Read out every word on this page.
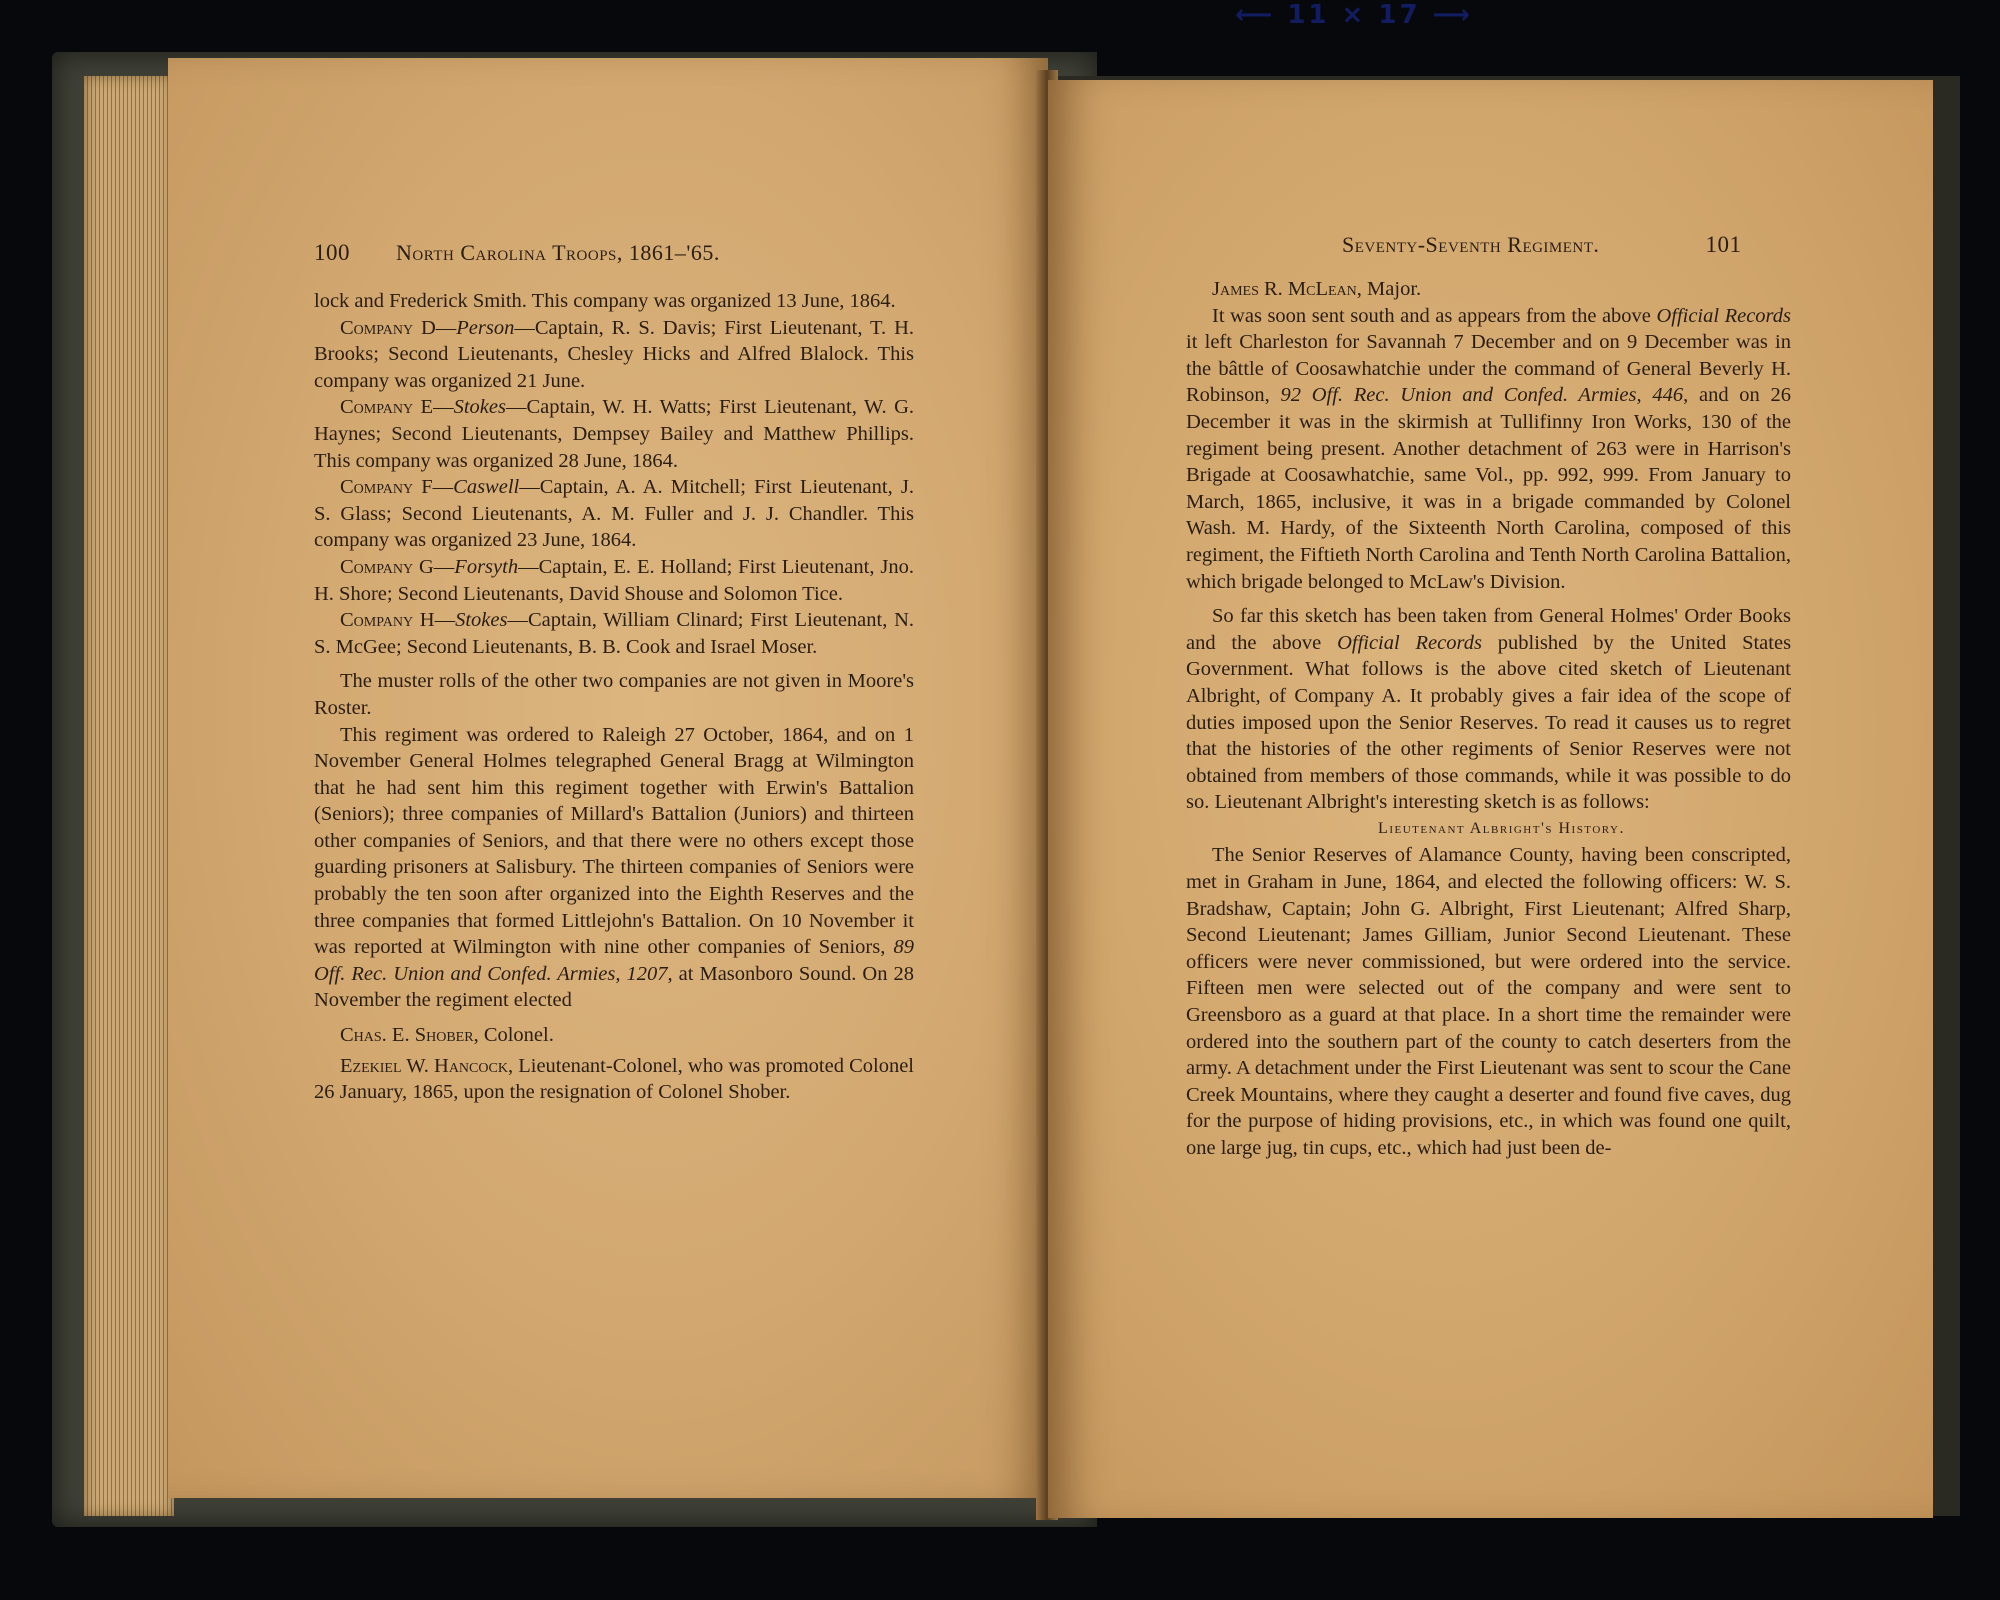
⟵ 11 × 17 ⟶
100 North Carolina Troops, 1861–'65.

lock and Frederick Smith. This company was organized 13 June, 1864.

Company D—Person—Captain, R. S. Davis; First Lieutenant, T. H. Brooks; Second Lieutenants, Chesley Hicks and Alfred Blalock. This company was organized 21 June.

Company E—Stokes—Captain, W. H. Watts; First Lieutenant, W. G. Haynes; Second Lieutenants, Dempsey Bailey and Matthew Phillips. This company was organized 28 June, 1864.

Company F—Caswell—Captain, A. A. Mitchell; First Lieutenant, J. S. Glass; Second Lieutenants, A. M. Fuller and J. J. Chandler. This company was organized 23 June, 1864.

Company G—Forsyth—Captain, E. E. Holland; First Lieutenant, Jno. H. Shore; Second Lieutenants, David Shouse and Solomon Tice.

Company H—Stokes—Captain, William Clinard; First Lieutenant, N. S. McGee; Second Lieutenants, B. B. Cook and Israel Moser.

The muster rolls of the other two companies are not given in Moore's Roster.

This regiment was ordered to Raleigh 27 October, 1864, and on 1 November General Holmes telegraphed General Bragg at Wilmington that he had sent him this regiment together with Erwin's Battalion (Seniors); three companies of Millard's Battalion (Juniors) and thirteen other companies of Seniors, and that there were no others except those guarding prisoners at Salisbury. The thirteen companies of Seniors were probably the ten soon after organized into the Eighth Reserves and the three companies that formed Littlejohn's Battalion. On 10 November it was reported at Wilmington with nine other companies of Seniors, 89 Off. Rec. Union and Confed. Armies, 1207, at Masonboro Sound. On 28 November the regiment elected

Chas. E. Shober, Colonel.

Ezekiel W. Hancock, Lieutenant-Colonel, who was promoted Colonel 26 January, 1865, upon the resignation of Colonel Shober.

Seventy-Seventh Regiment.	101

James R. McLean, Major.

It was soon sent south and as appears from the above Official Records it left Charleston for Savannah 7 December and on 9 December was in the bâttle of Coosawhatchie under the command of General Beverly H. Robinson, 92 Off. Rec. Union and Confed. Armies, 446, and on 26 December it was in the skirmish at Tullifinny Iron Works, 130 of the regiment being present. Another detachment of 263 were in Harrison's Brigade at Coosawhatchie, same Vol., pp. 992, 999. From January to March, 1865, inclusive, it was in a brigade commanded by Colonel Wash. M. Hardy, of the Sixteenth North Carolina, composed of this regiment, the Fiftieth North Carolina and Tenth North Carolina Battalion, which brigade belonged to McLaw's Division.

So far this sketch has been taken from General Holmes' Order Books and the above Official Records published by the United States Government. What follows is the above cited sketch of Lieutenant Albright, of Company A. It probably gives a fair idea of the scope of duties imposed upon the Senior Reserves. To read it causes us to regret that the histories of the other regiments of Senior Reserves were not obtained from members of those commands, while it was possible to do so. Lieutenant Albright's interesting sketch is as follows:

Lieutenant Albright's History.

The Senior Reserves of Alamance County, having been conscripted, met in Graham in June, 1864, and elected the following officers: W. S. Bradshaw, Captain; John G. Albright, First Lieutenant; Alfred Sharp, Second Lieutenant; James Gilliam, Junior Second Lieutenant. These officers were never commissioned, but were ordered into the service. Fifteen men were selected out of the company and were sent to Greensboro as a guard at that place. In a short time the remainder were ordered into the southern part of the county to catch deserters from the army. A detachment under the First Lieutenant was sent to scour the Cane Creek Mountains, where they caught a deserter and found five caves, dug for the purpose of hiding provisions, etc., in which was found one quilt, one large jug, tin cups, etc., which had just been de-
